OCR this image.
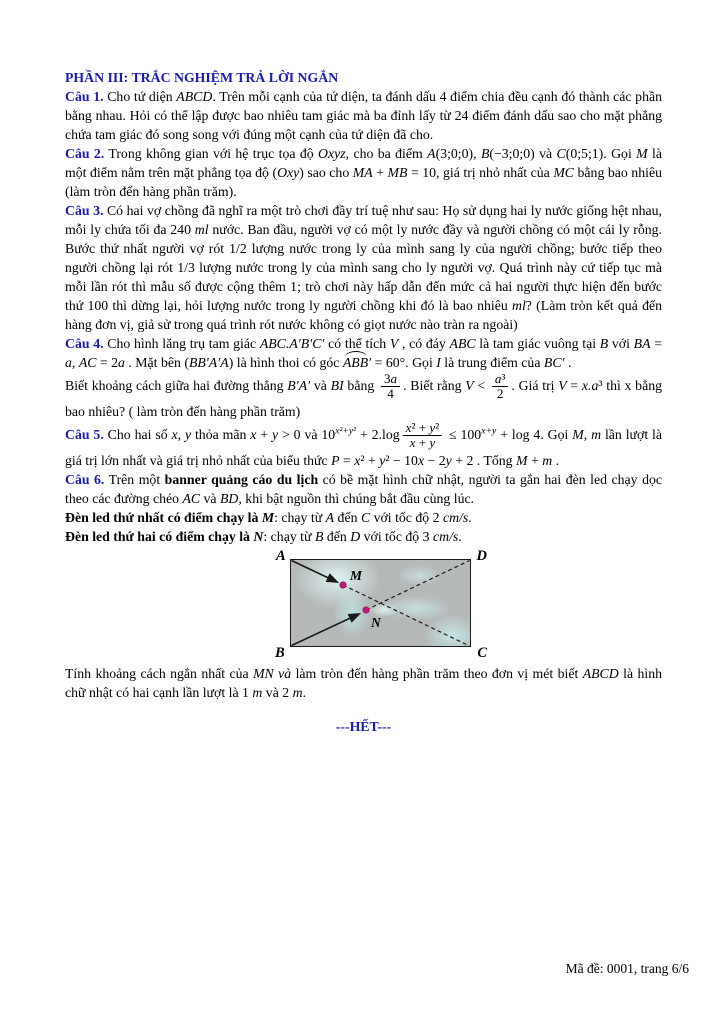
PHẦN III: TRẮC NGHIỆM TRẢ LỜI NGẮN
Câu 1. Cho tứ diện ABCD. Trên mỗi cạnh của tứ diện, ta đánh dấu 4 điểm chia đều cạnh đó thành các phần bằng nhau. Hỏi có thể lập được bao nhiêu tam giác mà ba đỉnh lấy từ 24 điểm đánh dấu sao cho mặt phẳng chứa tam giác đó song song với đúng một cạnh của tứ diện đã cho.
Câu 2. Trong không gian với hệ trục tọa độ Oxyz, cho ba điểm A(3;0;0), B(−3;0;0) và C(0;5;1). Gọi M là một điểm nằm trên mặt phẳng tọa độ (Oxy) sao cho MA + MB = 10, giá trị nhỏ nhất của MC bằng bao nhiêu (làm tròn đến hàng phần trăm).
Câu 3. Có hai vợ chồng đã nghĩ ra một trò chơi đầy trí tuệ như sau: Họ sử dụng hai ly nước giống hệt nhau, mỗi ly chứa tối đa 240 ml nước. Ban đầu, người vợ có một ly nước đầy và người chồng có một cái ly rỗng. Bước thứ nhất người vợ rót 1/2 lượng nước trong ly của mình sang ly của người chồng; bước tiếp theo người chồng lại rót 1/3 lượng nước trong ly của mình sang cho ly người vợ. Quá trình này cứ tiếp tục mà mỗi lần rót thì mẫu số được cộng thêm 1; trò chơi này hấp dẫn đến mức cả hai người thực hiện đến bước thứ 100 thì dừng lại, hỏi lượng nước trong ly người chồng khi đó là bao nhiêu ml? (Làm tròn kết quả đến hàng đơn vị, giả sử trong quá trình rót nước không có giọt nước nào tràn ra ngoài)
Câu 4. Cho hình lăng trụ tam giác ABC.A′B′C′ có thể tích V , có đáy ABC là tam giác vuông tại B với BA = a, AC = 2a . Mặt bên (BB′A′A) là hình thoi có góc ABB′ = 60°. Gọi I là trung điểm của BC′ .
Biết khoảng cách giữa hai đường thẳng B′A′ và BI bằng $\frac{3a}{4}$ . Biết rằng $V < \frac{\text{a³}}{2}$ . Giá trị V = x.a³ thì x bằng bao nhiêu? ( làm tròn đến hàng phần trăm)
Câu 5. Cho hai số x, y thỏa mãn x + y > 0 và $10^{x^2+y^2} + 2.\log \frac{\text{x² + y²}}{x + y} \le 100^{x+y} + \log 4$. Gọi M, m lần lượt là giá trị lớn nhất và giá trị nhỏ nhất của biểu thức P = x² + y² − 10x − 2y + 2 . Tổng M + m .
Câu 6. Trên một banner quảng cáo du lịch có bề mặt hình chữ nhật, người ta gắn hai đèn led chạy dọc theo các đường chéo AC và BD, khi bật nguồn thì chúng bắt đầu cùng lúc.
Đèn led thứ nhất có điểm chạy là M: chạy từ A đến C với tốc độ 2 cm/s.
Đèn led thứ hai có điểm chạy là N: chạy từ B đến D với tốc độ 3 cm/s.
A	D
B	C
M
N
Tính khoảng cách ngắn nhất của MN và làm tròn đến hàng phần trăm theo đơn vị mét biết ABCD là hình chữ nhật có hai cạnh lần lượt là 1 m và 2 m.
---HẾT---
Mã đề: 0001, trang 6/6
